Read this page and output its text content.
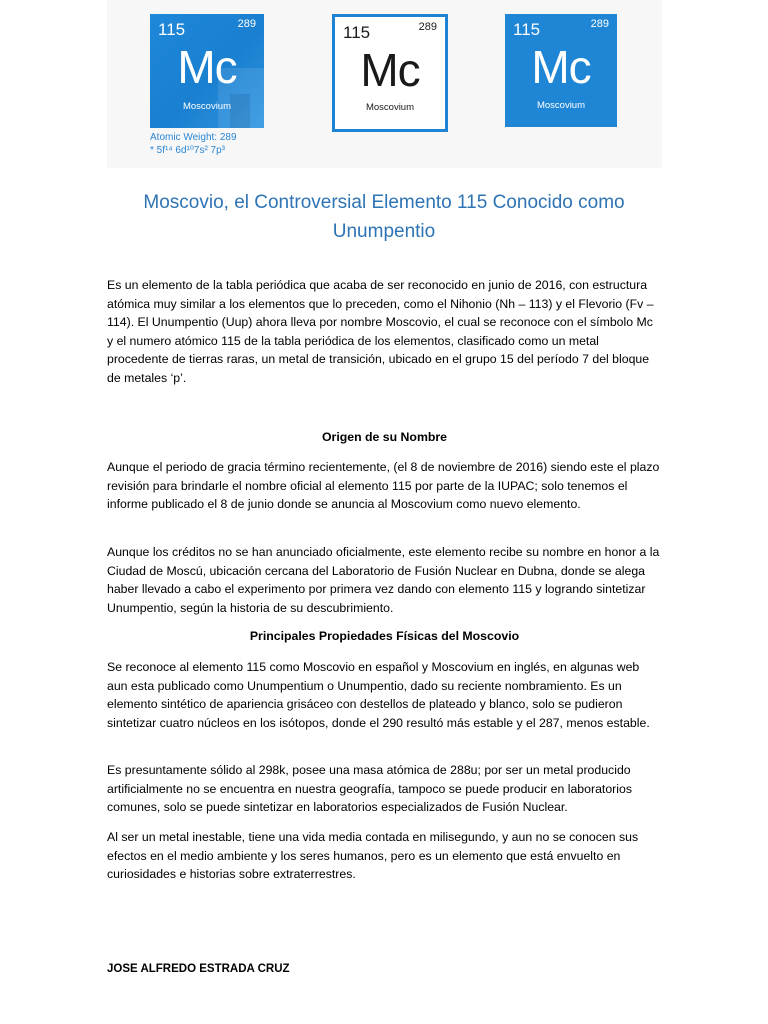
115	289
Mc
Moscovium
Atomic Weight: 289
* 5f¹⁴ 6d¹⁰7s² 7p³
115	289
Mc
Moscovium
115	289
Mc
Moscovium
Moscovio, el Controversial Elemento 115 Conocido como
Unumpentio

Es un elemento de la tabla periódica que acaba de ser reconocido en junio de 2016, con estructura atómica muy similar a los elementos que lo preceden, como el Nihonio (Nh – 113) y el Flevorio (Fv – 114). El Unumpentio (Uup) ahora lleva por nombre Moscovio, el cual se reconoce con el símbolo Mc y el numero atómico 115 de la tabla periódica de los elementos, clasificado como un metal procedente de tierras raras, un metal de transición, ubicado en el grupo 15 del período 7 del bloque de metales ‘p’.

Origen de su Nombre

Aunque el periodo de gracia término recientemente, (el 8 de noviembre de 2016) siendo este el plazo revisión para brindarle el nombre oficial al elemento 115 por parte de la IUPAC; solo tenemos el informe publicado el 8 de junio donde se anuncia al Moscovium como nuevo elemento.

Aunque los créditos no se han anunciado oficialmente, este elemento recibe su nombre en honor a la Ciudad de Moscú, ubicación cercana del Laboratorio de Fusión Nuclear en Dubna, donde se alega haber llevado a cabo el experimento por primera vez dando con elemento 115 y logrando sintetizar Unumpentio, según la historia de su descubrimiento.

Principales Propiedades Físicas del Moscovio

Se reconoce al elemento 115 como Moscovio en español y Moscovium en inglés, en algunas web aun esta publicado como Unumpentium o Unumpentio, dado su reciente nombramiento. Es un elemento sintético de apariencia grisáceo con destellos de plateado y blanco, solo se pudieron sintetizar cuatro núcleos en los isótopos, donde el 290 resultó más estable y el 287, menos estable.

Es presuntamente sólido al 298k, posee una masa atómica de 288u; por ser un metal producido artificialmente no se encuentra en nuestra geografía, tampoco se puede producir en laboratorios comunes, solo se puede sintetizar en laboratorios especializados de Fusión Nuclear.

Al ser un metal inestable, tiene una vida media contada en milisegundo, y aun no se conocen sus efectos en el medio ambiente y los seres humanos, pero es un elemento que está envuelto en curiosidades e historias sobre extraterrestres.

JOSE ALFREDO ESTRADA CRUZ
